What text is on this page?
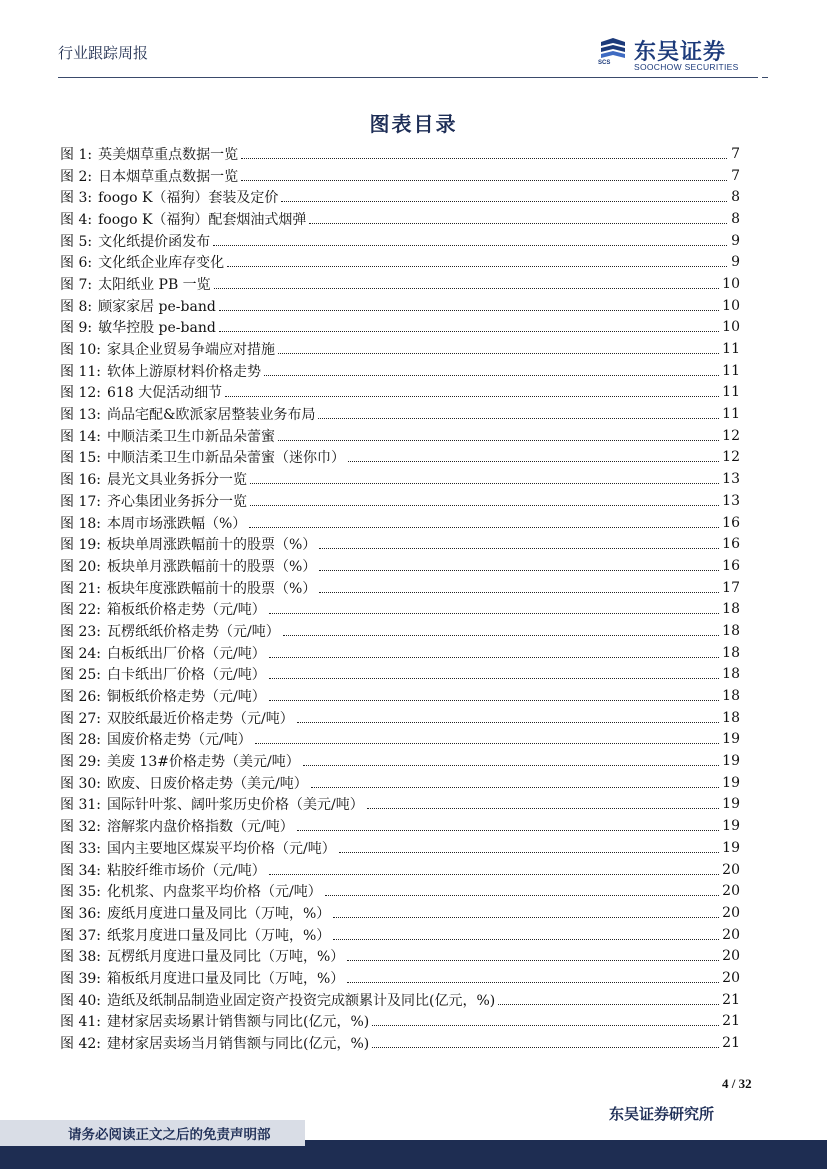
行业跟踪周报
SCS 东吴证券
SOOCHOW SECURITIES
图表目录
图 1: 英美烟草重点数据一览	7
图 2: 日本烟草重点数据一览	7
图 3: foogo K（福狗）套装及定价	8
图 4: foogo K（福狗）配套烟油式烟弹	8
图 5: 文化纸提价函发布	9
图 6: 文化纸企业库存变化	9
图 7: 太阳纸业 PB 一览	10
图 8: 顾家家居 pe-band	10
图 9: 敏华控股 pe-band	10
图 10: 家具企业贸易争端应对措施	11
图 11: 软体上游原材料价格走势	11
图 12: 618 大促活动细节	11
图 13: 尚品宅配&欧派家居整装业务布局	11
图 14: 中顺洁柔卫生巾新品朵蕾蜜	12
图 15: 中顺洁柔卫生巾新品朵蕾蜜（迷你巾）	12
图 16: 晨光文具业务拆分一览	13
图 17: 齐心集团业务拆分一览	13
图 18: 本周市场涨跌幅（%）	16
图 19: 板块单周涨跌幅前十的股票（%）	16
图 20: 板块单月涨跌幅前十的股票（%）	16
图 21: 板块年度涨跌幅前十的股票（%）	17
图 22: 箱板纸价格走势（元/吨）	18
图 23: 瓦楞纸纸价格走势（元/吨）	18
图 24: 白板纸出厂价格（元/吨）	18
图 25: 白卡纸出厂价格（元/吨）	18
图 26: 铜板纸价格走势（元/吨）	18
图 27: 双胶纸最近价格走势（元/吨）	18
图 28: 国废价格走势（元/吨）	19
图 29: 美废 13#价格走势（美元/吨）	19
图 30: 欧废、日废价格走势（美元/吨）	19
图 31: 国际针叶浆、阔叶浆历史价格（美元/吨）	19
图 32: 溶解浆内盘价格指数（元/吨）	19
图 33: 国内主要地区煤炭平均价格（元/吨）	19
图 34: 粘胶纤维市场价（元/吨）	20
图 35: 化机浆、内盘浆平均价格（元/吨）	20
图 36: 废纸月度进口量及同比（万吨，%）	20
图 37: 纸浆月度进口量及同比（万吨，%）	20
图 38: 瓦楞纸月度进口量及同比（万吨，%）	20
图 39: 箱板纸月度进口量及同比（万吨，%）	20
图 40: 造纸及纸制品制造业固定资产投资完成额累计及同比(亿元，%)	21
图 41: 建材家居卖场累计销售额与同比(亿元，%)	21
图 42: 建材家居卖场当月销售额与同比(亿元，%)	21
4 / 32
东吴证券研究所
请务必阅读正文之后的免责声明部
